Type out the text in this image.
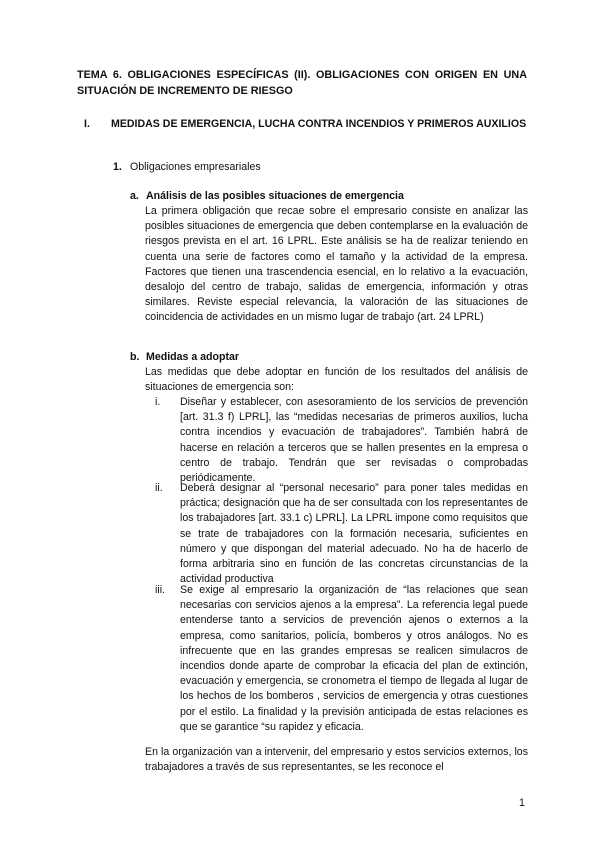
TEMA 6. OBLIGACIONES ESPECÍFICAS (II). OBLIGACIONES CON ORIGEN EN UNA SITUACIÓN DE INCREMENTO DE RIESGO
I. MEDIDAS DE EMERGENCIA, LUCHA CONTRA INCENDIOS Y PRIMEROS AUXILIOS
1. Obligaciones empresariales
a. Análisis de las posibles situaciones de emergencia
La primera obligación que recae sobre el empresario consiste en analizar las posibles situaciones de emergencia que deben contemplarse en la evaluación de riesgos prevista en el art. 16 LPRL. Este análisis se ha de realizar teniendo en cuenta una serie de factores como el tamaño y la actividad de la empresa. Factores que tienen una trascendencia esencial, en lo relativo a la evacuación, desalojo del centro de trabajo, salidas de emergencia, información y otras similares. Reviste especial relevancia, la valoración de las situaciones de coincidencia de actividades en un mismo lugar de trabajo (art. 24 LPRL)
b. Medidas a adoptar
Las medidas que debe adoptar en función de los resultados del análisis de situaciones de emergencia son:
i.	Diseñar y establecer, con asesoramiento de los servicios de prevención [art. 31.3 f) LPRL], las “medidas necesarias de primeros auxilios, lucha contra incendios y evacuación de trabajadores”. También habrá de hacerse en relación a terceros que se hallen presentes en la empresa o centro de trabajo. Tendrán que ser revisadas o comprobadas periódicamente.
ii.	Deberá designar al “personal necesario” para poner tales medidas en práctica; designación que ha de ser consultada con los representantes de los trabajadores [art. 33.1 c) LPRL]. La LPRL impone como requisitos que se trate de trabajadores con la formación necesaria, suficientes en número y que dispongan del material adecuado. No ha de hacerlo de forma arbitraria sino en función de las concretas circunstancias de la actividad productiva
iii.	Se exige al empresario la organización de “las relaciones que sean necesarias con servicios ajenos a la empresa”. La referencia legal puede entenderse tanto a servicios de prevención ajenos o externos a la empresa, como sanitarios, policía, bomberos y otros análogos. No es infrecuente que en las grandes empresas se realicen simulacros de incendios donde aparte de comprobar la eficacia del plan de extinción, evacuación y emergencia, se cronometra el tiempo de llegada al lugar de los hechos de los bomberos , servicios de emergencia y otras cuestiones por el estilo. La finalidad y la previsión anticipada de estas relaciones es que se garantice “su rapidez y eficacia.
En la organización van a intervenir, del empresario y estos servicios externos, los trabajadores a través de sus representantes, se les reconoce el
1
